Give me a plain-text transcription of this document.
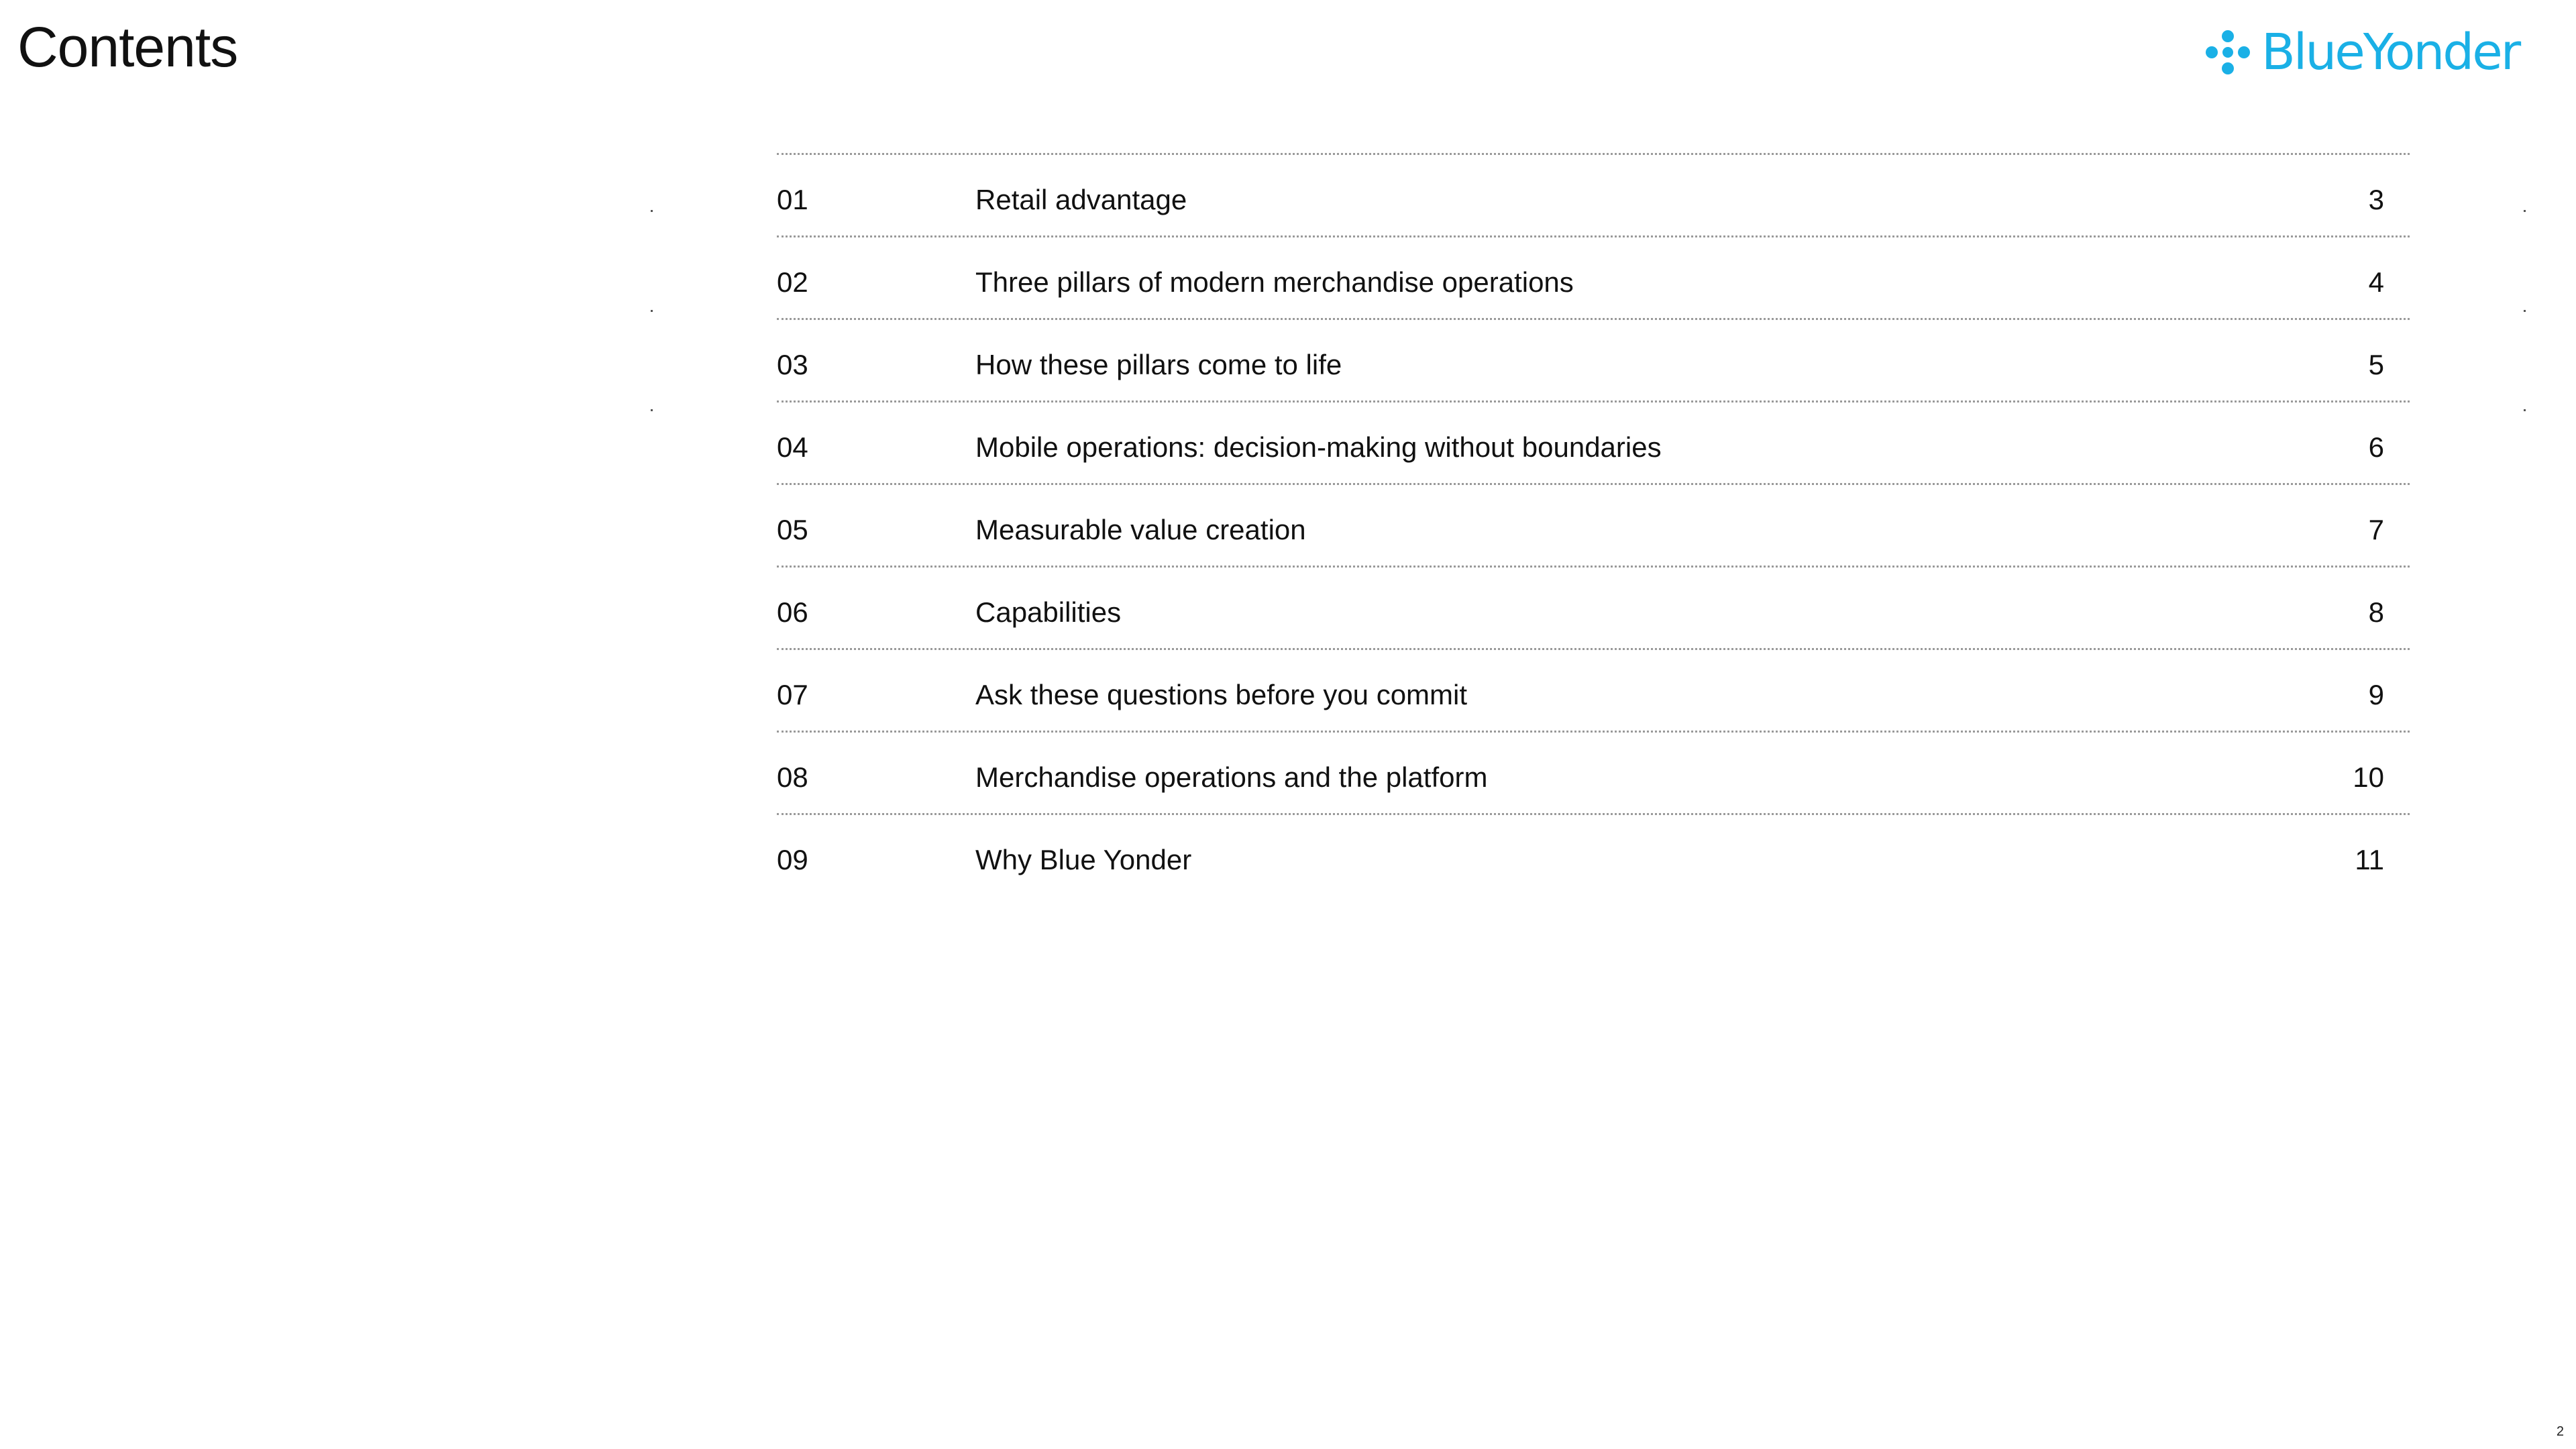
Contents	BlueYonder
01	Retail advantage	3
02	Three pillars of modern merchandise operations	4
03	How these pillars come to life	5
04	Mobile operations: decision-making without boundaries	6
05	Measurable value creation	7
06	Capabilities	8
07	Ask these questions before you commit	9
08	Merchandise operations and the platform	10
09	Why Blue Yonder	11
2
